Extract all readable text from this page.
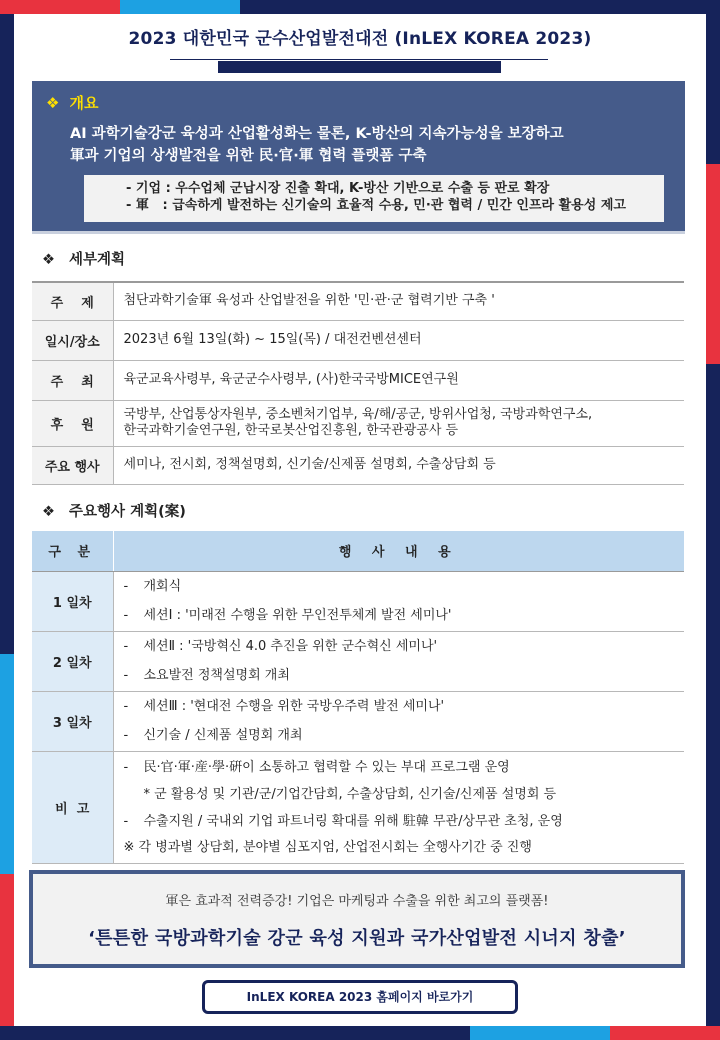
2023 대한민국 군수산업발전대전 (InLEX KOREA 2023)
❖ 개요
AI 과학기술강군 육성과 산업활성화는 물론, K-방산의 지속가능성을 보장하고
軍과 기업의 상생발전을 위한 民·官·軍 협력 플랫폼 구축
- 기업 : 우수업체 군납시장 진출 확대, K-방산 기반으로 수출 등 판로 확장
- 軍   : 급속하게 발전하는 신기술의 효율적 수용, 민·관 협력 / 민간 인프라 활용성 제고
❖ 세부계획
주    제	첨단과학기술軍 육성과 산업발전을 위한 '민·관·군 협력기반 구축 '
일시/장소	2023년 6월 13일(화) ~ 15일(목) / 대전컨벤션센터
주    최	육군교육사령부, 육군군수사령부, (사)한국국방MICE연구원
후    원	국방부, 산업통상자원부, 중소벤처기업부, 육/해/공군, 방위사업청, 국방과학연구소,
한국과학기술연구원, 한국로봇산업진흥원, 한국관광공사 등

주요 행사	세미나, 전시회, 정책설명회, 신기술/신제품 설명회, 수출상담회 등
❖ 주요행사 계획(案)
구 분	행 사 내 용
1 일차	- 개회식
- 세션Ⅰ : '미래전 수행을 위한 무인전투체계 발전 세미나'

2 일차	- 세션Ⅱ : '국방혁신 4.0 추진을 위한 군수혁신 세미나'
- 소요발전 정책설명회 개최

3 일차	- 세션Ⅲ : '현대전 수행을 위한 국방우주력 발전 세미나'
- 신기술 / 신제품 설명회 개최

비  고	- 民·官·軍·産·學·硏이 소통하고 협력할 수 있는 부대 프로그램 운영
* 군 활용성 및 기관/군/기업간담회, 수출상담회, 신기술/신제품 설명회 등
- 수출지원 / 국내외 기업 파트너링 확대를 위해 駐韓 무관/상무관 초청, 운영
※ 각 병과별 상담회, 분야별 심포지엄, 산업전시회는 全행사기간 중 진행
軍은 효과적 전력증강! 기업은 마케팅과 수출을 위한 최고의 플랫폼!
‘튼튼한 국방과학기술 강군 육성 지원과 국가산업발전 시너지 창출’
InLEX KOREA 2023 홈페이지 바로가기
